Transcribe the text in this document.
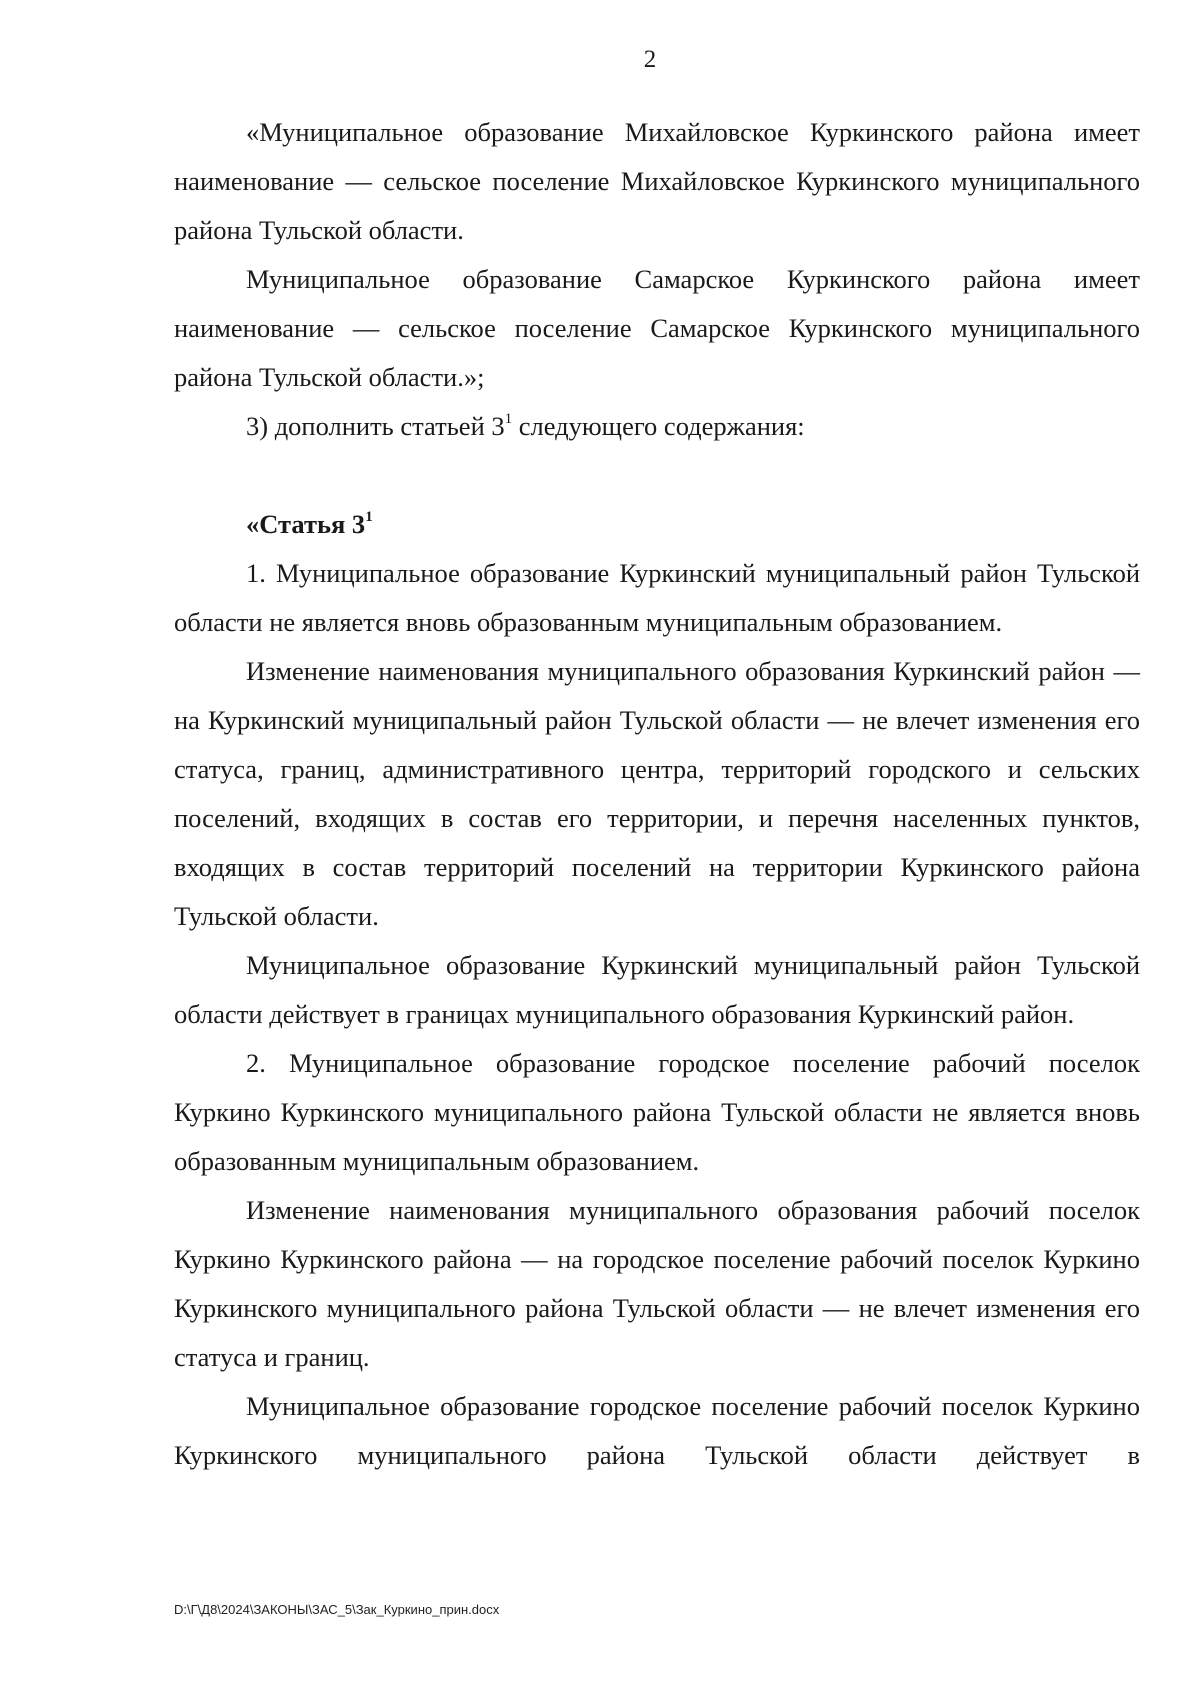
2

«Муниципальное образование Михайловское Куркинского района имеет наименование — сельское поселение Михайловское Куркинского муниципального района Тульской области.

Муниципальное образование Самарское Куркинского района имеет наименование — сельское поселение Самарское Куркинского муниципального района Тульской области.»;

3) дополнить статьей $3^1$ следующего содержания:

«Статья $3^1$

1. Муниципальное образование Куркинский муниципальный район Тульской области не является вновь образованным муниципальным образованием.

Изменение наименования муниципального образования Куркинский район — на Куркинский муниципальный район Тульской области — не влечет изменения его статуса, границ, административного центра, территорий городского и сельских поселений, входящих в состав его территории, и перечня населенных пунктов, входящих в состав территорий поселений на территории Куркинского района Тульской области.

Муниципальное образование Куркинский муниципальный район Тульской области действует в границах муниципального образования Куркинский район.

2. Муниципальное образование городское поселение рабочий поселок Куркино Куркинского муниципального района Тульской области не является вновь образованным муниципальным образованием.

Изменение наименования муниципального образования рабочий поселок Куркино Куркинского района — на городское поселение рабочий поселок Куркино Куркинского муниципального района Тульской области — не влечет изменения его статуса и границ.

Муниципальное образование городское поселение рабочий поселок Куркино Куркинского муниципального района Тульской области действует в

D:\Г\Д8\2024\ЗАКОНЫ\ЗАС_5\Зак_Куркино_прин.docx
